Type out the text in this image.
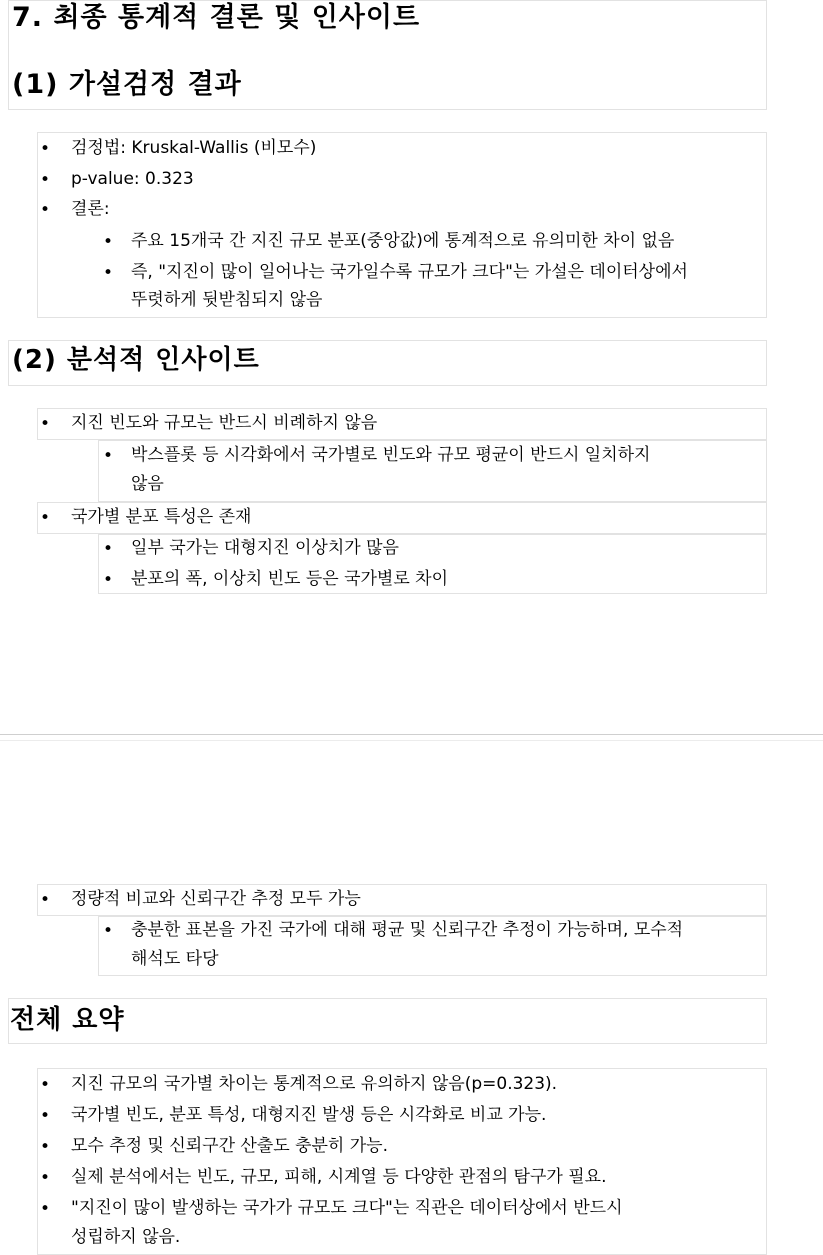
7. 최종 통계적 결론 및 인사이트
(1) 가설검정 결과
• 검정법: Kruskal-Wallis (비모수)
• p-value: 0.323
• 결론:
• 주요 15개국 간 지진 규모 분포(중앙값)에 통계적으로 유의미한 차이 없음
• 즉, "지진이 많이 일어나는 국가일수록 규모가 크다"는 가설은 데이터상에서
뚜렷하게 뒷받침되지 않음
(2) 분석적 인사이트
• 지진 빈도와 규모는 반드시 비례하지 않음
• 박스플롯 등 시각화에서 국가별로 빈도와 규모 평균이 반드시 일치하지
않음
• 국가별 분포 특성은 존재
• 일부 국가는 대형지진 이상치가 많음
• 분포의 폭, 이상치 빈도 등은 국가별로 차이
• 정량적 비교와 신뢰구간 추정 모두 가능
• 충분한 표본을 가진 국가에 대해 평균 및 신뢰구간 추정이 가능하며, 모수적
해석도 타당
전체 요약
• 지진 규모의 국가별 차이는 통계적으로 유의하지 않음(p=0.323).
• 국가별 빈도, 분포 특성, 대형지진 발생 등은 시각화로 비교 가능.
• 모수 추정 및 신뢰구간 산출도 충분히 가능.
• 실제 분석에서는 빈도, 규모, 피해, 시계열 등 다양한 관점의 탐구가 필요.
• "지진이 많이 발생하는 국가가 규모도 크다"는 직관은 데이터상에서 반드시
성립하지 않음.
